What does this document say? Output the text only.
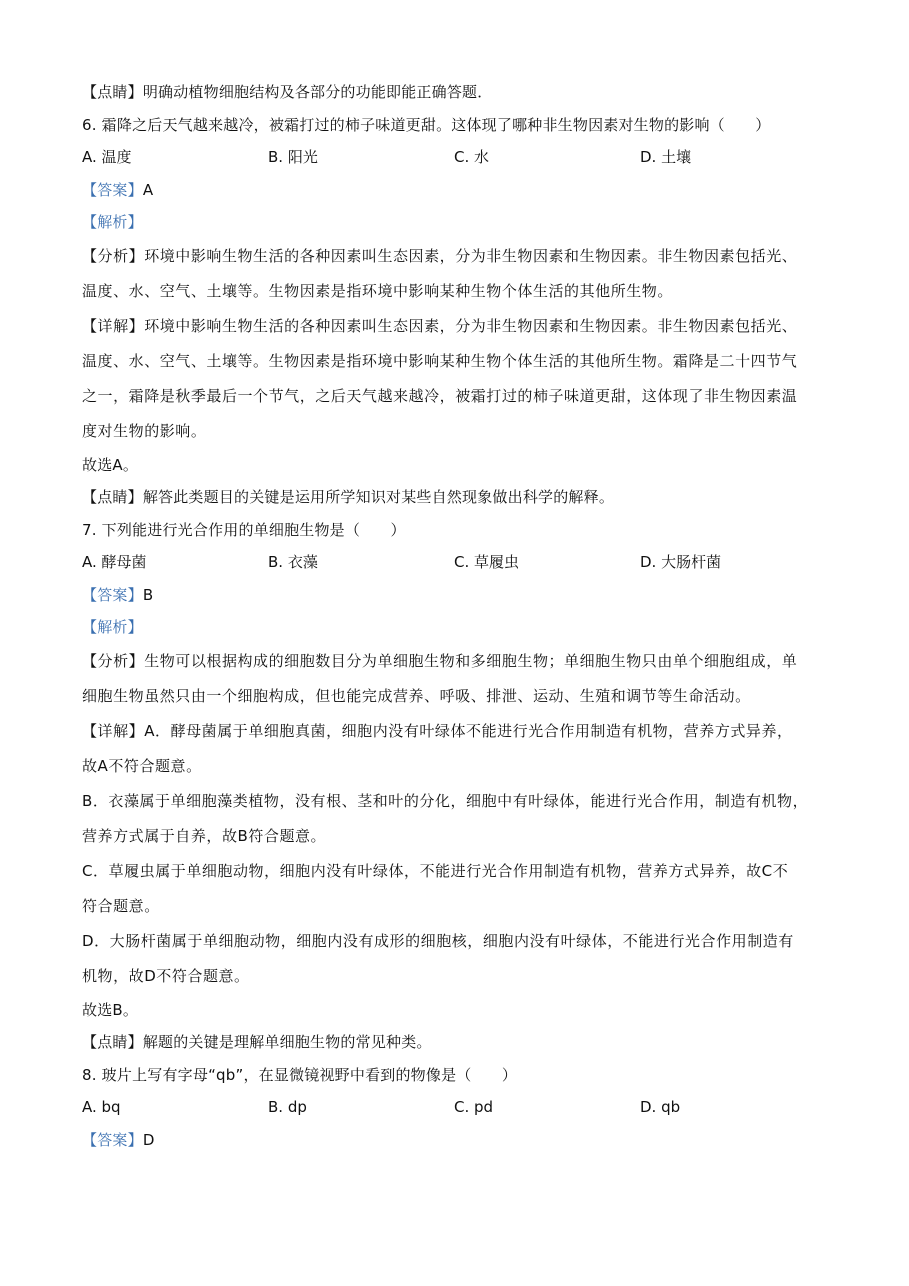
【点睛】明确动植物细胞结构及各部分的功能即能正确答题．
6. 霜降之后天气越来越冷，被霜打过的柿子味道更甜。这体现了哪种非生物因素对生物的影响（　　）
A. 温度	B. 阳光	C. 水	D. 土壤
【答案】A
【解析】
【分析】环境中影响生物生活的各种因素叫生态因素，分为非生物因素和生物因素。非生物因素包括光、
温度、水、空气、土壤等。生物因素是指环境中影响某种生物个体生活的其他所生物。
【详解】环境中影响生物生活的各种因素叫生态因素，分为非生物因素和生物因素。非生物因素包括光、
温度、水、空气、土壤等。生物因素是指环境中影响某种生物个体生活的其他所生物。霜降是二十四节气
之一，霜降是秋季最后一个节气，之后天气越来越冷，被霜打过的柿子味道更甜，这体现了非生物因素温
度对生物的影响。
故选A。
【点睛】解答此类题目的关键是运用所学知识对某些自然现象做出科学的解释。
7. 下列能进行光合作用的单细胞生物是（　　）
A. 酵母菌	B. 衣藻	C. 草履虫	D. 大肠杆菌
【答案】B
【解析】
【分析】生物可以根据构成的细胞数目分为单细胞生物和多细胞生物；单细胞生物只由单个细胞组成，单
细胞生物虽然只由一个细胞构成，但也能完成营养、呼吸、排泄、运动、生殖和调节等生命活动。
【详解】A．酵母菌属于单细胞真菌，细胞内没有叶绿体不能进行光合作用制造有机物，营养方式异养，
故A不符合题意。
B．衣藻属于单细胞藻类植物，没有根、茎和叶的分化，细胞中有叶绿体，能进行光合作用，制造有机物，
营养方式属于自养，故B符合题意。
C．草履虫属于单细胞动物，细胞内没有叶绿体，不能进行光合作用制造有机物，营养方式异养，故C不
符合题意。
D．大肠杆菌属于单细胞动物，细胞内没有成形的细胞核，细胞内没有叶绿体，不能进行光合作用制造有
机物，故D不符合题意。
故选B。
【点睛】解题的关键是理解单细胞生物的常见种类。
8. 玻片上写有字母“qb”，在显微镜视野中看到的物像是（　　）
A. bq	B. dp	C. pd	D. qb
【答案】D
